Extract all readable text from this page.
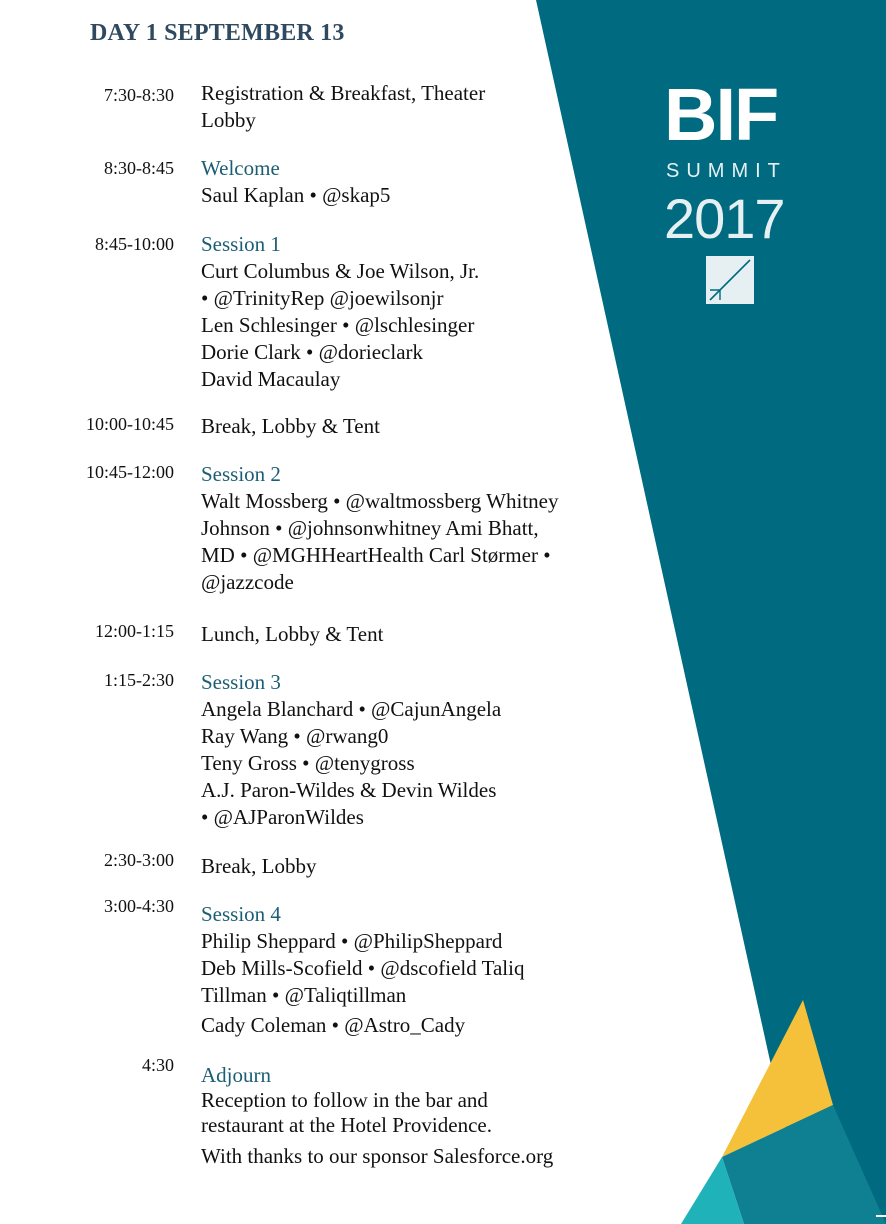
DAY 1 SEPTEMBER 13
BIF
SUMMIT
2017
7:30-8:30 Registration & Breakfast, Theater
Lobby
8:30-8:45 Welcome
Saul Kaplan • @skap5
8:45-10:00 Session 1
Curt Columbus & Joe Wilson, Jr.
• @TrinityRep @joewilsonjr
Len Schlesinger • @lschlesinger
Dorie Clark • @dorieclark
David Macaulay
10:00-10:45 Break, Lobby & Tent
10:45-12:00 Session 2
Walt Mossberg • @waltmossberg Whitney
Johnson • @johnsonwhitney Ami Bhatt,
MD • @MGHHeartHealth Carl Størmer •
@jazzcode
12:00-1:15 Lunch, Lobby & Tent
1:15-2:30 Session 3
Angela Blanchard • @CajunAngela
Ray Wang • @rwang0
Teny Gross • @tenygross
A.J. Paron-Wildes & Devin Wildes
• @AJParonWildes
2:30-3:00 Break, Lobby
3:00-4:30 Session 4
Philip Sheppard • @PhilipSheppard
Deb Mills-Scofield • @dscofield Taliq
Tillman • @Taliqtillman
Cady Coleman • @Astro_Cady
4:30 Adjourn
Reception to follow in the bar and
restaurant at the Hotel Providence.
With thanks to our sponsor Salesforce.org
